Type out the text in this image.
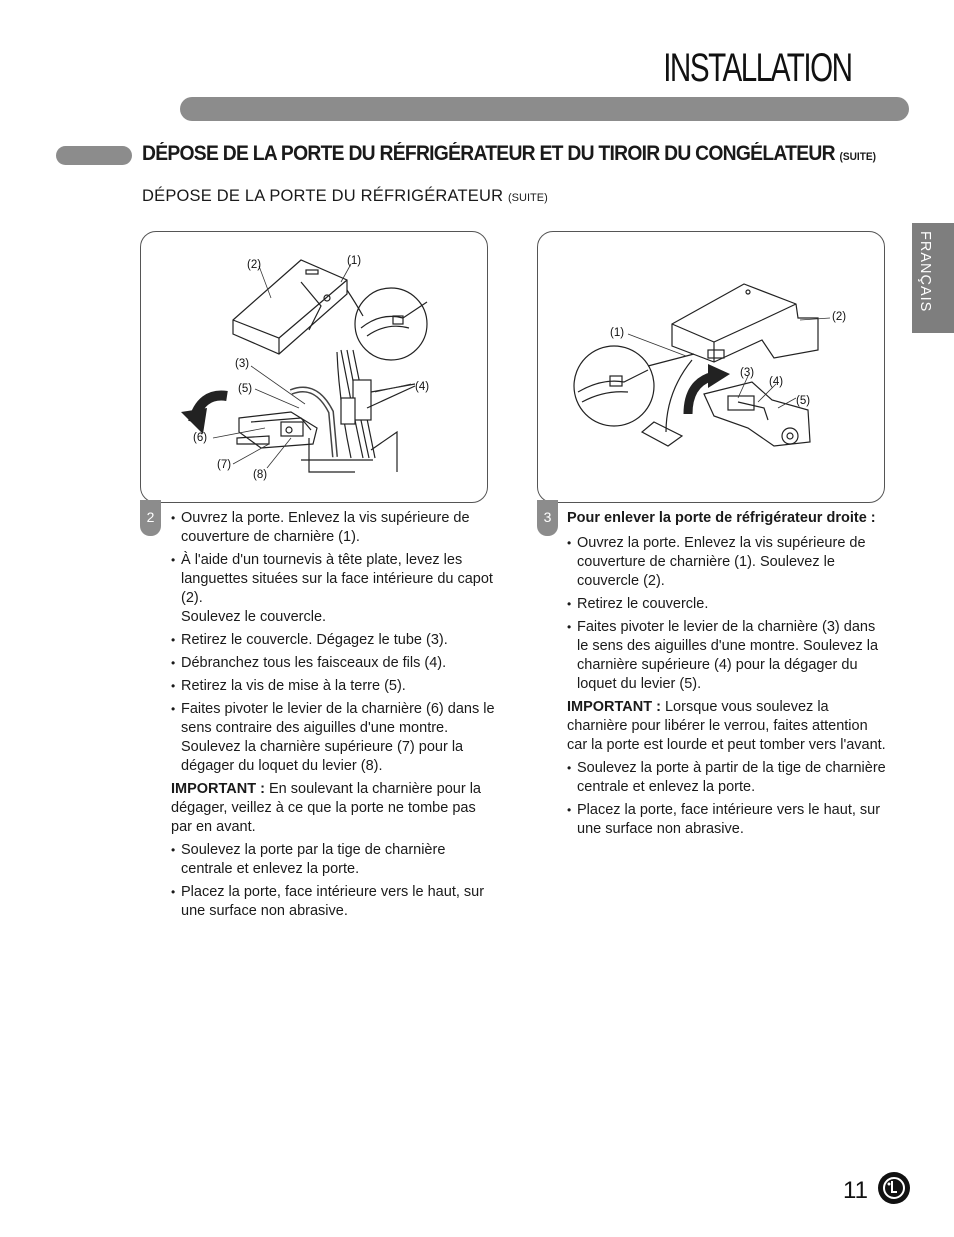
INSTALLATION
DÉPOSE DE LA PORTE DU RÉFRIGÉRATEUR ET DU TIROIR DU CONGÉLATEUR (SUITE)
DÉPOSE DE LA PORTE DU RÉFRIGÉRATEUR (SUITE)
FRANÇAIS
(2)	(1)
(3)
(5)	(4)
(6)
(7)
(8)
(1)
(2)
(3)
(4)
(5)
2	3
• Ouvrez la porte. Enlevez la vis supérieure de couverture de charnière (1).
• À l'aide d'un tournevis à tête plate, levez les languettes situées sur la face intérieure du capot (2).
Soulevez le couvercle.
• Retirez le couvercle. Dégagez le tube (3).
• Débranchez tous les faisceaux de fils (4).
• Retirez la vis de mise à la terre (5).
• Faites pivoter le levier de la charnière (6) dans le sens contraire des aiguilles d'une montre. Soulevez la charnière supérieure (7) pour la dégager du loquet du levier (8).

IMPORTANT : En soulevant la charnière pour la dégager, veillez à ce que la porte ne tombe pas par en avant.

• Soulevez la porte par la tige de charnière centrale et enlevez la porte.
• Placez la porte, face intérieure vers le haut, sur une surface non abrasive.

Pour enlever la porte de réfrigérateur droite :

• Ouvrez la porte. Enlevez la vis supérieure de couverture de charnière (1). Soulevez le couvercle (2).
• Retirez le couvercle.
• Faites pivoter le levier de la charnière (3) dans le sens des aiguilles d'une montre. Soulevez la charnière supérieure (4) pour la dégager du loquet du levier (5).

IMPORTANT : Lorsque vous soulevez la charnière pour libérer le verrou, faites attention car la porte est lourde et peut tomber vers l'avant.

• Soulevez la porte à partir de la tige de charnière centrale et enlevez la porte.
• Placez la porte, face intérieure vers le haut, sur une surface non abrasive.
11
